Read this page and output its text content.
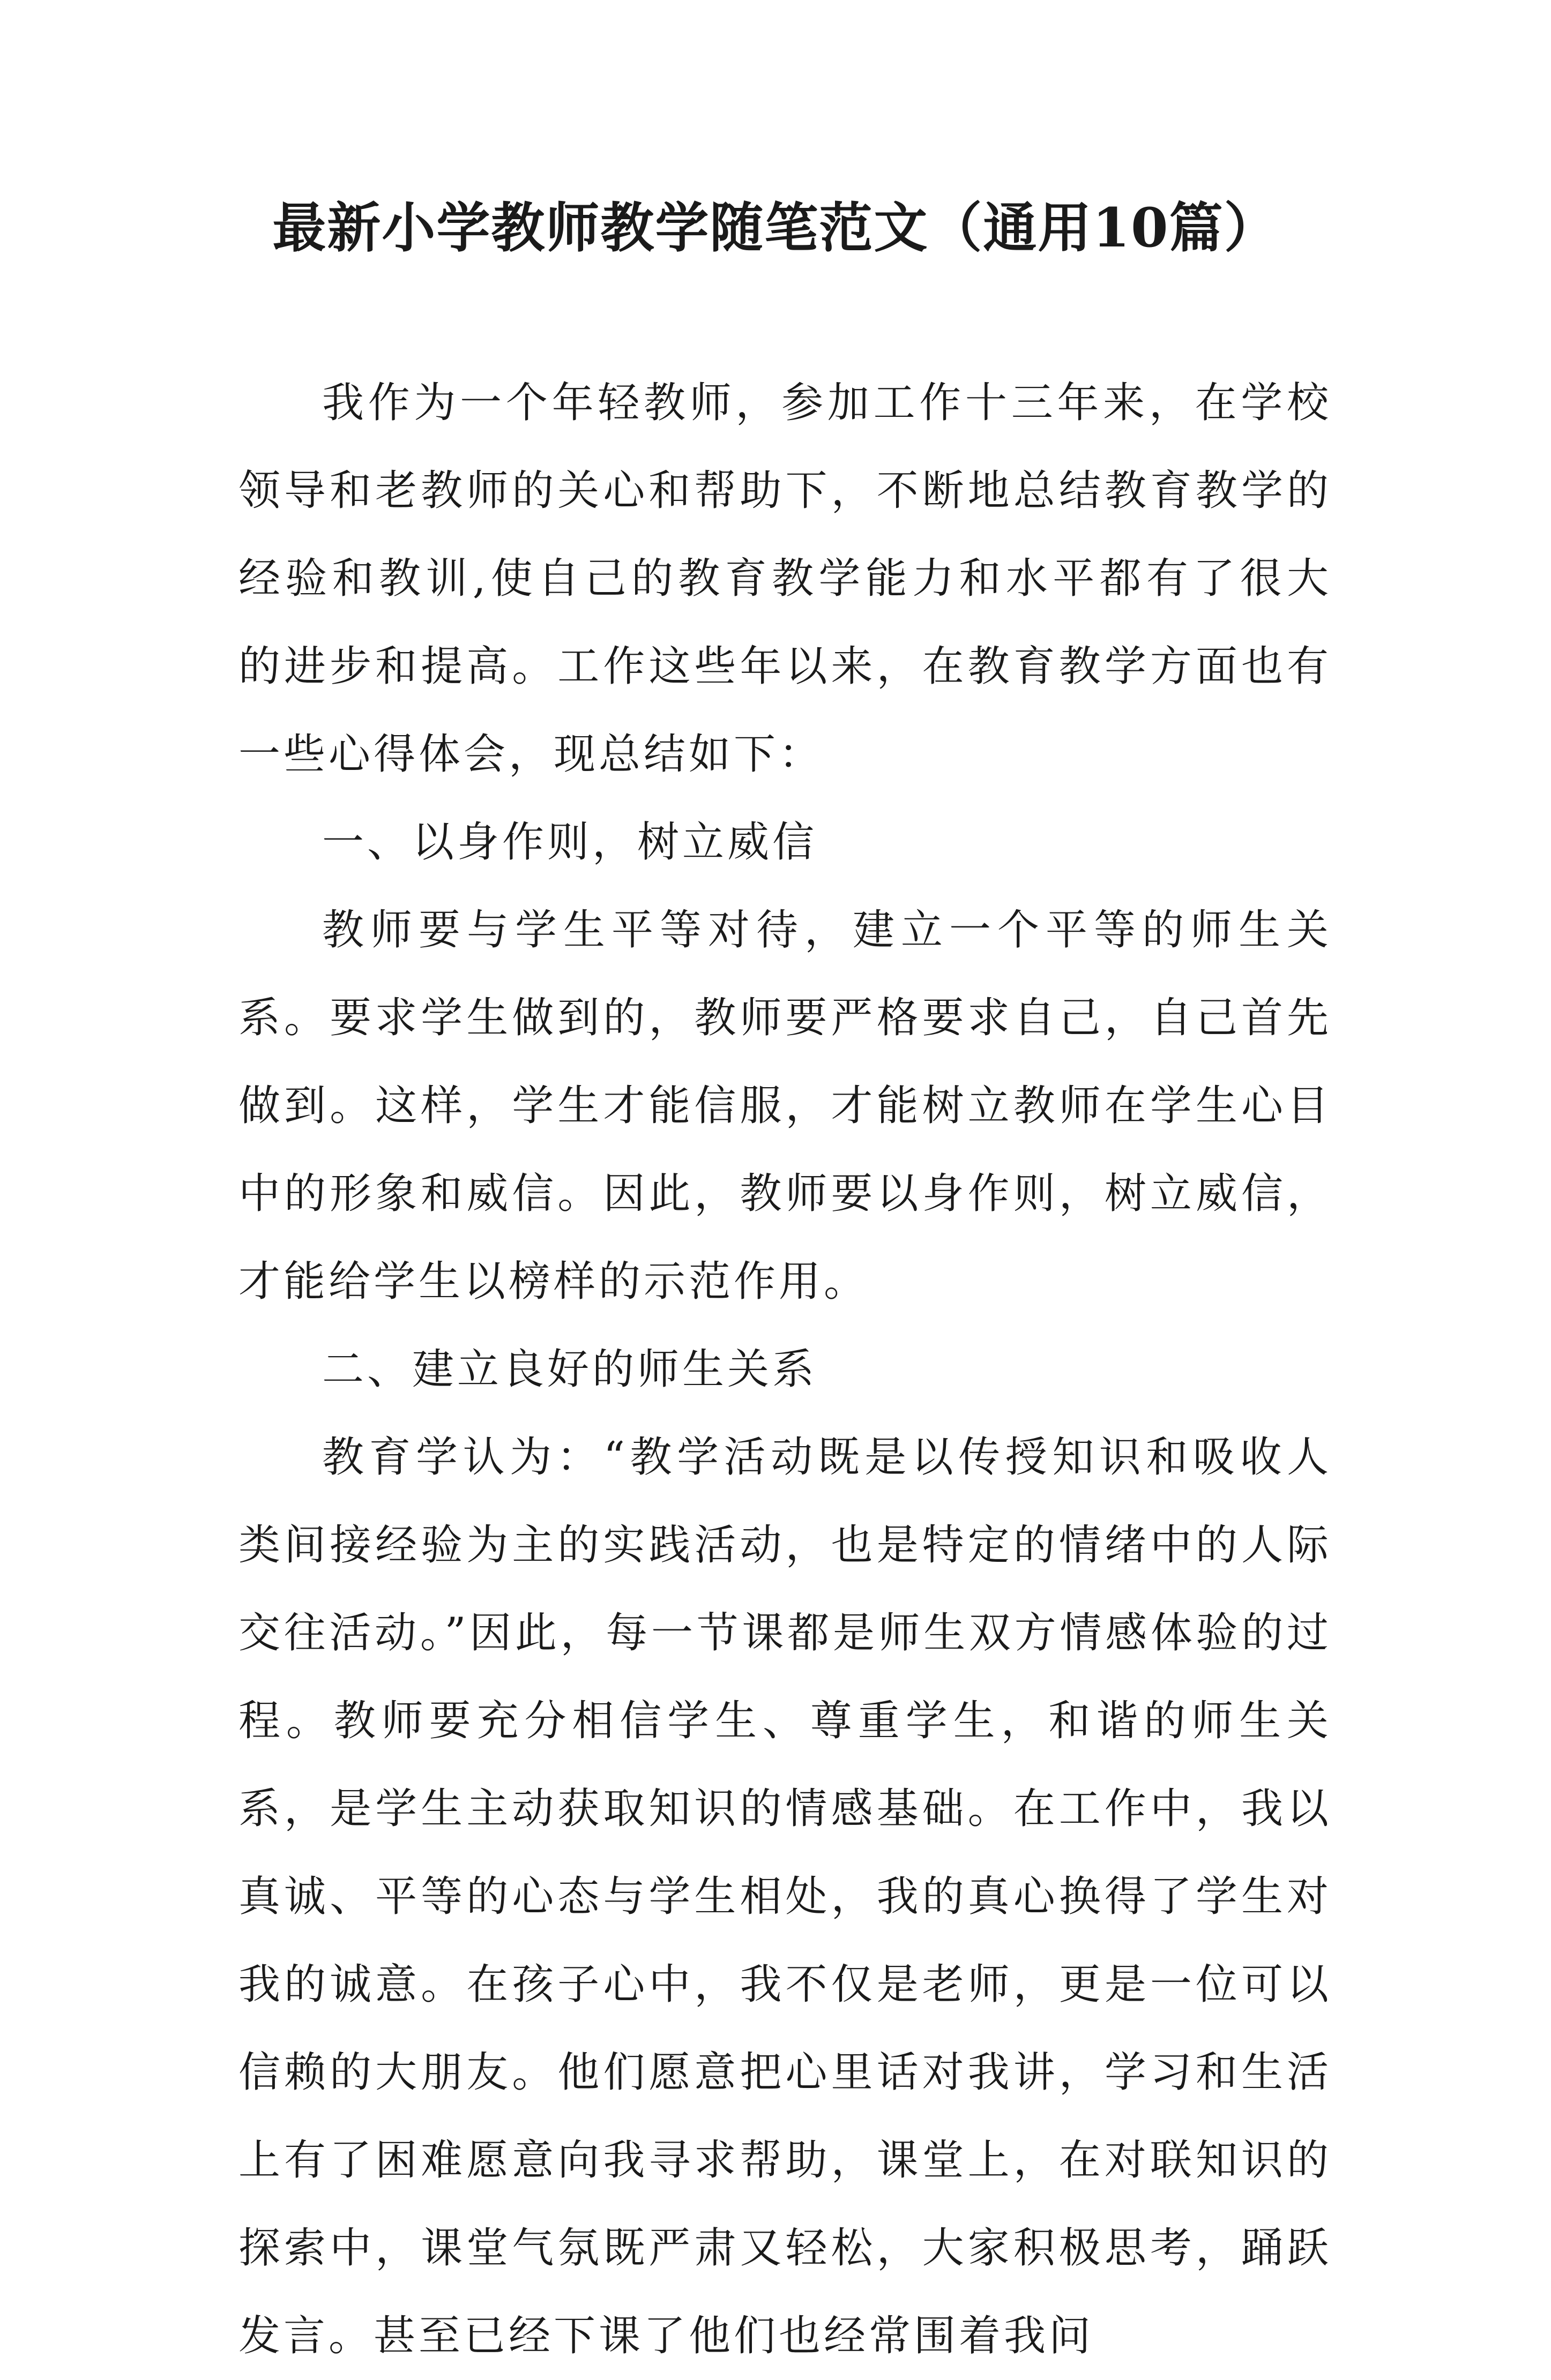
最新小学教师教学随笔范文（通用10篇）

我作为一个年轻教师，参加工作十三年来，在学校领导和老教师的关心和帮助下，不断地总结教育教学的经验和教训,使自己的教育教学能力和水平都有了很大的进步和提高。工作这些年以来，在教育教学方面也有一些心得体会，现总结如下：

一、以身作则，树立威信

教师要与学生平等对待，建立一个平等的师生关系。要求学生做到的，教师要严格要求自己，自己首先做到。这样，学生才能信服，才能树立教师在学生心目中的形象和威信。因此，教师要以身作则，树立威信，才能给学生以榜样的示范作用。

二、建立良好的师生关系

教育学认为：“教学活动既是以传授知识和吸收人类间接经验为主的实践活动，也是特定的情绪中的人际交往活动。”因此，每一节课都是师生双方情感体验的过程。教师要充分相信学生、尊重学生，和谐的师生关系，是学生主动获取知识的情感基础。在工作中，我以真诚、平等的心态与学生相处，我的真心换得了学生对我的诚意。在孩子心中，我不仅是老师，更是一位可以信赖的大朋友。他们愿意把心里话对我讲，学习和生活上有了困难愿意向我寻求帮助，课堂上，在对联知识的探索中，课堂气氛既严肃又轻松，大家积极思考，踊跃发言。甚至已经下课了他们也经常围着我问
